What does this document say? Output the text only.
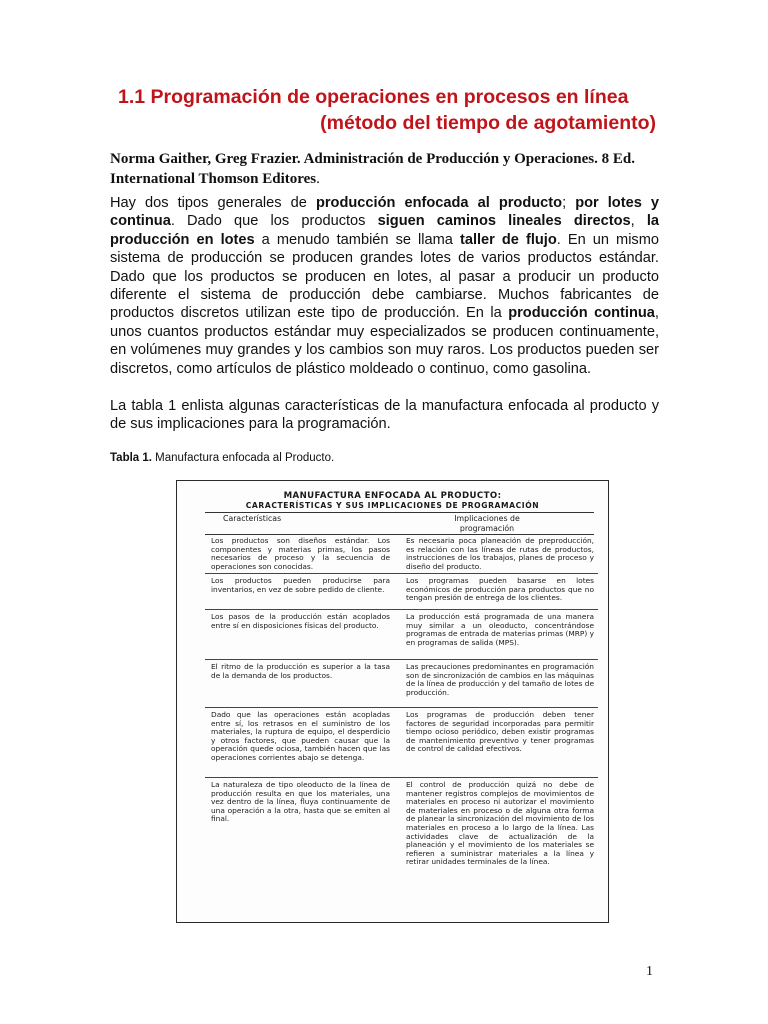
1.1 Programación de operaciones en procesos en línea
(método del tiempo de agotamiento)
Norma Gaither, Greg Frazier. Administración de Producción y Operaciones. 8 Ed. International Thomson Editores.
Hay dos tipos generales de producción enfocada al producto; por lotes y continua. Dado que los productos siguen caminos lineales directos, la producción en lotes a menudo también se llama taller de flujo. En un mismo sistema de producción se producen grandes lotes de varios productos estándar. Dado que los productos se producen en lotes, al pasar a producir un producto diferente el sistema de producción debe cambiarse. Muchos fabricantes de productos discretos utilizan este tipo de producción. En la producción continua, unos cuantos productos estándar muy especializados se producen continuamente, en volúmenes muy grandes y los cambios son muy raros. Los productos pueden ser discretos, como artículos de plástico moldeado o continuo, como gasolina.
La tabla 1 enlista algunas características de la manufactura enfocada al producto y de sus implicaciones para la programación.
Tabla 1. Manufactura enfocada al Producto.
MANUFACTURA ENFOCADA AL PRODUCTO:
CARACTERÍSTICAS Y SUS IMPLICACIONES DE PROGRAMACIÓN
Características	Implicaciones de programación
Los productos son diseños estándar. Los componentes y materias primas, los pasos necesarios de proceso y la secuencia de operaciones son conocidas.
Es necesaria poca planeación de preproducción, es relación con las líneas de rutas de productos, instrucciones de los trabajos, planes de proceso y diseño del producto.
Los productos pueden producirse para inventarios, en vez de sobre pedido de cliente.
Los programas pueden basarse en lotes económicos de producción para productos que no tengan presión de entrega de los clientes.
Los pasos de la producción están acoplados entre sí en disposiciones físicas del producto.
La producción está programada de una manera muy similar a un oleoducto, concentrándose programas de entrada de materias primas (MRP) y en programas de salida (MPS).
El ritmo de la producción es superior a la tasa de la demanda de los productos.
Las precauciones predominantes en programación son de sincronización de cambios en las máquinas de la línea de producción y del tamaño de lotes de producción.
Dado que las operaciones están acopladas entre sí, los retrasos en el suministro de los materiales, la ruptura de equipo, el desperdicio y otros factores, que pueden causar que la operación quede ociosa, también hacen que las operaciones corrientes abajo se detenga.
Los programas de producción deben tener factores de seguridad incorporadas para permitir tiempo ocioso periódico, deben existir programas de mantenimiento preventivo y tener programas de control de calidad efectivos.
La naturaleza de tipo oleoducto de la línea de producción resulta en que los materiales, una vez dentro de la línea, fluya continuamente de una operación a la otra, hasta que se emiten al final.
El control de producción quizá no debe de mantener registros complejos de movimientos de materiales en proceso ni autorizar el movimiento de materiales en proceso o de alguna otra forma de planear la sincronización del movimiento de los materiales en proceso a lo largo de la línea. Las actividades clave de actualización de la planeación y el movimiento de los materiales se refieren a suministrar materiales a la línea y retirar unidades terminales de la línea.
1
